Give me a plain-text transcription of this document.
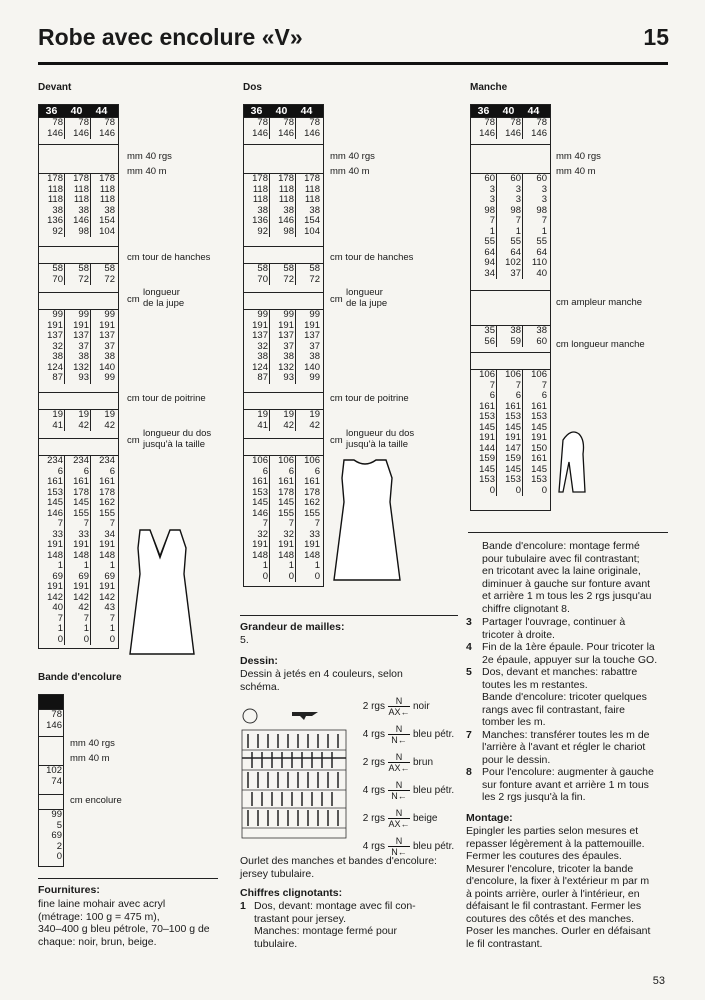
Robe avec encolure «V»	15
Devant	Dos	Manche
36	40	44
78	78	78
146	146	146
178	178	178
118	118	118
118	118	118
38	38	38
136	146	154
92	98	104
58	58	58
70	72	72
99	99	99
191	191	191
137	137	137
32	37	37
38	38	38
124	132	140
87	93	99
19	19	19
41	42	42
234	234	234
6	6	6
161	161	161
153	178	178
145	145	162
146	155	155
7	7	7
33	33	34
191	191	191
148	148	148
1	1	1
69	69	69
191	191	191
142	142	142
40	42	43
7	7	7
1	1	1
0	0	0
mm 40 rgs
mm 40 m
cm tour de hanches
cm
longueur
de la jupe
cm tour de poitrine
cm
longueur du dos
jusqu'à la taille
36	40	44
78	78	78
146	146	146
178	178	178
118	118	118
118	118	118
38	38	38
136	146	154
92	98	104
58	58	58
70	72	72
99	99	99
191	191	191
137	137	137
32	37	37
38	38	38
124	132	140
87	93	99
19	19	19
41	42	42
106	106	106
6	6	6
161	161	161
153	178	178
145	145	162
146	155	155
7	7	7
32	32	33
191	191	191
148	148	148
1	1	1
0	0	0
mm 40 rgs
mm 40 m
cm tour de hanches
cm
longueur
de la jupe
cm tour de poitrine
cm
longueur du dos
jusqu'à la taille
36	40	44
78	78	78
146	146	146
60	60	60
3	3	3
3	3	3
98	98	98
7	7	7
1	1	1
55	55	55
64	64	64
94	102	110
34	37	40
35	38	38
56	59	60
106	106	106
7	7	7
6	6	6
161	161	161
153	153	153
145	145	145
191	191	191
144	147	150
159	159	161
145	145	145
153	153	153
0	0	0
mm 40 rgs
mm 40 m
cm ampleur manche
cm longueur manche
Bande d'encolure
78
146
102
74
99
5
69
2
0
mm 40 rgs
mm 40 m
cm encolure
Fournitures:
fine laine mohair avec acryl
(métrage: 100 g = 475 m),
340–400 g bleu pétrole, 70–100 g de
chaque: noir, brun, beige.
Grandeur de mailles:
5.
Dessin:
Dessin à jetés en 4 couleurs, selon
schéma.
2 rgs	N
AX← noir
4 rgs	N
N← bleu pétr.
2 rgs	N
AX← brun
4 rgs	N
N← bleu pétr.
2 rgs	N
AX← beige
4 rgs	N
N← bleu pétr.
Ourlet des manches et bandes d'encolure:
jersey tubulaire.
Chiffres clignotants:
1 Dos, devant: montage avec fil con-
trastant pour jersey.
Manches: montage fermé pour
tubulaire.
Bande d'encolure: montage fermé
pour tubulaire avec fil contrastant;
en tricotant avec la laine originale,
diminuer à gauche sur fonture avant
et arrière 1 m tous les 2 rgs jusqu'au
chiffre clignotant 8.
3 Partager l'ouvrage, continuer à
tricoter à droite.
4 Fin de la 1ère épaule. Pour tricoter la
2e épaule, appuyer sur la touche GO.
5 Dos, devant et manches: rabattre
toutes les m restantes.
Bande d'encolure: tricoter quelques
rangs avec fil contrastant, faire
tomber les m.
7 Manches: transférer toutes les m de
l'arrière à l'avant et régler le chariot
pour le dessin.
8 Pour l'encolure: augmenter à gauche
sur fonture avant et arrière 1 m tous
les 2 rgs jusqu'à la fin.
Montage:
Epingler les parties selon mesures et
repasser légèrement à la pattemouille.
Fermer les coutures des épaules.
Mesurer l'encolure, tricoter la bande
d'encolure, la fixer à l'extérieur m par m
à points arrière, ourler à l'intérieur, en
défaisant le fil contrastant. Fermer les
coutures des côtés et des manches.
Poser les manches. Ourler en défaisant
le fil contrastant.
53
